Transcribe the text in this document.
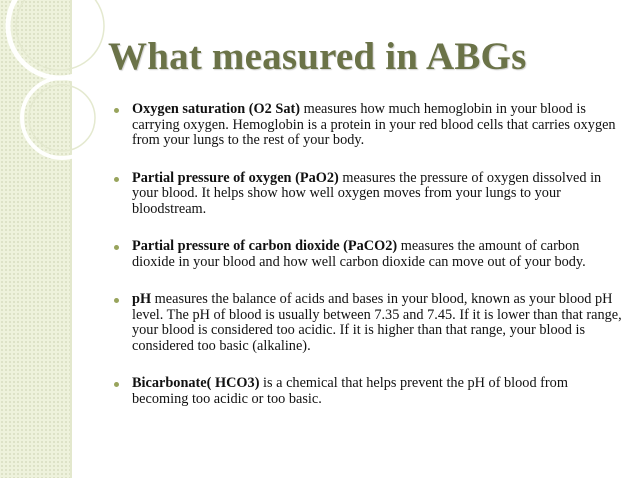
What measured in ABGs
Oxygen saturation (O2 Sat) measures how much hemoglobin in your blood is carrying oxygen. Hemoglobin is a protein in your red blood cells that carries oxygen from your lungs to the rest of your body.
Partial pressure of oxygen (PaO2) measures the pressure of oxygen dissolved in your blood. It helps show how well oxygen moves from your lungs to your bloodstream.
Partial pressure of carbon dioxide (PaCO2) measures the amount of carbon dioxide in your blood and how well carbon dioxide can move out of your body.
pH measures the balance of acids and bases in your blood, known as your blood pH level. The pH of blood is usually between 7.35 and 7.45. If it is lower than that range, your blood is considered too acidic. If it is higher than that range, your blood is considered too basic (alkaline).
Bicarbonate( HCO3) is a chemical that helps prevent the pH of blood from becoming too acidic or too basic.
